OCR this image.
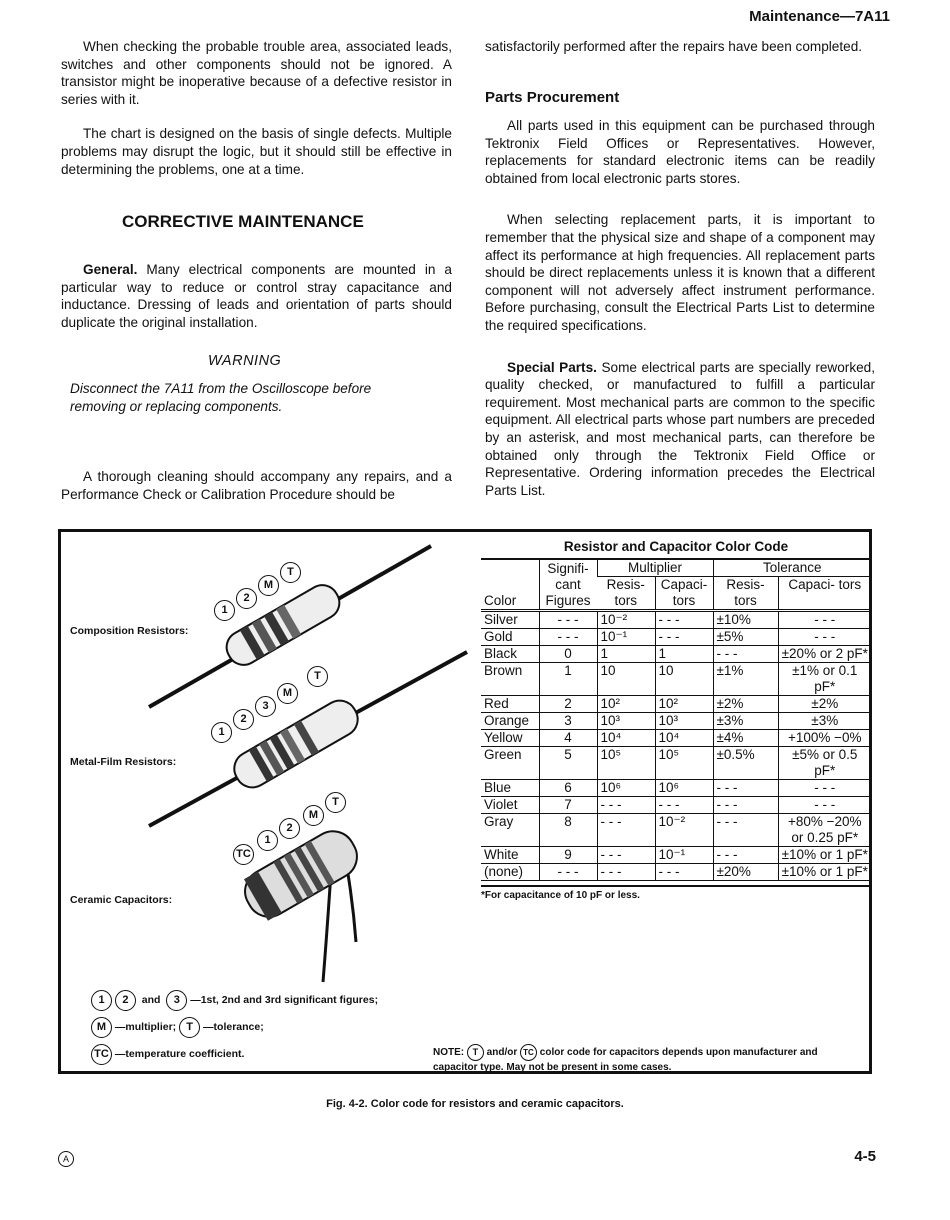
Maintenance—7A11

When checking the probable trouble area, associated leads, switches and other components should not be ignored. A transistor might be inoperative because of a defective resistor in series with it.

The chart is designed on the basis of single defects. Multiple problems may disrupt the logic, but it should still be effective in determining the problems, one at a time.

CORRECTIVE MAINTENANCE

General. Many electrical components are mounted in a particular way to reduce or control stray capacitance and inductance. Dressing of leads and orientation of parts should duplicate the original installation.

WARNING
Disconnect the 7A11 from the Oscilloscope before removing or replacing components.

A thorough cleaning should accompany any repairs, and a Performance Check or Calibration Procedure should be

satisfactorily performed after the repairs have been completed.

Parts Procurement

All parts used in this equipment can be purchased through Tektronix Field Offices or Representatives. However, replacements for standard electronic items can be readily obtained from local electronic parts stores.

When selecting replacement parts, it is important to remember that the physical size and shape of a component may affect its performance at high frequencies. All replacement parts should be direct replacements unless it is known that a different component will not adversely affect instrument performance. Before purchasing, consult the Electrical Parts List to determine the required specifications.

Special Parts. Some electrical parts are specially reworked, quality checked, or manufactured to fulfill a particular requirement. Most mechanical parts are common to the specific equipment. All electrical parts whose part numbers are preceded by an asterisk, and most mechanical parts, can therefore be obtained only through the Tektronix Field Office or Representative. Ordering information precedes the Electrical Parts List.

1
2
M
T
1
2
3
M
T
TC
1
2
M
T
Composition Resistors:
Metal-Film Resistors:
Ceramic Capacitors:
1 2 and 3 —1st, 2nd and 3rd significant figures;
M —multiplier; T —tolerance;
TC —temperature coefficient.
Resistor and Capacitor Color Code
Color	Signifi- cant Figures	Multiplier		Tolerance	
		Resis- tors	Capaci- tors	Resis- tors	Capaci- tors
Silver	- - -	10⁻²	- - -	±10%	- - -
Gold	- - -	10⁻¹	- - -	±5%	- - -
Black	0	1	1	- - -	±20% or 2 pF*
Brown	1	10	10	±1%	±1% or 0.1 pF*
Red	2	10²	10²	±2%	±2%
Orange	3	10³	10³	±3%	±3%
Yellow	4	10⁴	10⁴	±4%	+100% −0%
Green	5	10⁵	10⁵	±0.5%	±5% or 0.5 pF*
Blue	6	10⁶	10⁶	- - -	- - -
Violet	7	- - -	- - -	- - -	- - -
Gray	8	- - -	10⁻²	- - -	+80% −20% or 0.25 pF*
White	9	- - -	10⁻¹	- - -	±10% or 1 pF*
(none)	- - -	- - -	- - -	±20%	±10% or 1 pF*
*For capacitance of 10 pF or less.
NOTE: T and/or TC color code for capacitors depends upon manufacturer and capacitor type. May not be present in some cases.
Fig. 4-2. Color code for resistors and ceramic capacitors.
A	4-5
